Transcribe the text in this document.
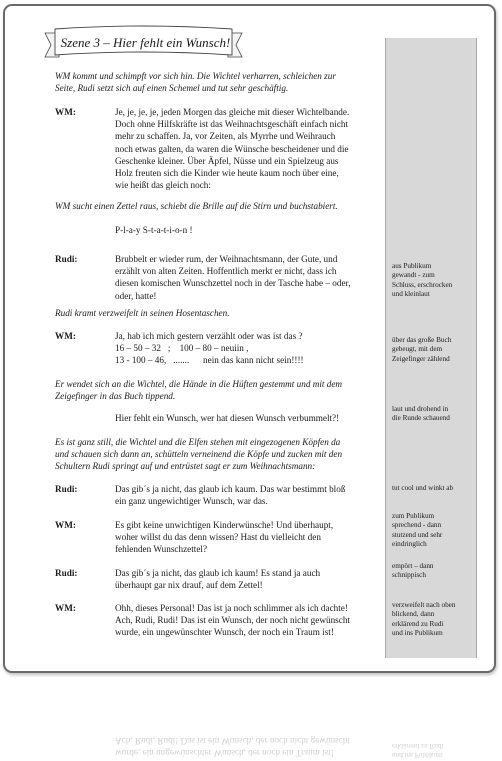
Szene 3 – Hier fehlt ein Wunsch!
WM kommt und schimpft vor sich hin. Die Wichtel verharren, schleichen zur
Seite, Rudi setzt sich auf einen Schemel und tut sehr geschäftig.
WM:	Je, je, je, je, jeden Morgen das gleiche mit dieser Wichtelbande.
Doch ohne Hilfskräfte ist das Weihnachtsgeschäft einfach nicht
mehr zu schaffen. Ja, vor Zeiten, als Myrrhe und Weihrauch
noch etwas galten, da waren die Wünsche bescheidener und die
Geschenke kleiner. Über Äpfel, Nüsse und ein Spielzeug aus
Holz freuten sich die Kinder wie heute kaum noch über eine,
wie heißt das gleich noch:
WM sucht einen Zettel raus, schiebt die Brille auf die Stirn und buchstabiert.
P-l-a-y S-t-a-t-i-o-n !
Rudi:	Brubbelt er wieder rum, der Weihnachtsmann, der Gute, und
erzählt von alten Zeiten. Hoffentlich merkt er nicht, dass ich
diesen komischen Wunschzettel noch in der Tasche habe – oder,
oder, hatte!
Rudi kramt verzweifelt in seinen Hosentaschen.
WM:	Ja, hab ich mich gestern verzählt oder was ist das ?
16 – 50 – 32   ;    100 – 80 – neuiin ,
13 - 100 – 46,   .......      nein das kann nicht sein!!!!
Er wendet sich an die Wichtel, die Hände in die Hüften gestemmt und mit dem
Zeigefinger in das Buch tippend.
Hier fehlt ein Wunsch, wer hat diesen Wunsch verbummelt?!
Es ist ganz still, die Wichtel und die Elfen stehen mit eingezogenen Köpfen da
und schauen sich dann an, schütteln verneinend die Köpfe und zucken mit den
Schultern Rudi springt auf und entrüstet sagt er zum Weihnachtsmann:
Rudi:	Das gib´s ja nicht, das glaub ich kaum. Das war bestimmt bloß
ein ganz ungewichtiger Wunsch, war das.
WM:	Es gibt keine unwichtigen Kinderwünsche! Und überhaupt,
woher willst du das denn wissen? Hast du vielleicht den
fehlenden Wunschzettel?
Rudi:	Das gib´s ja nicht, das glaub ich kaum! Es stand ja auch
überhaupt gar nix drauf, auf dem Zettel!
WM:	Ohh, dieses Personal! Das ist ja noch schlimmer als ich dachte!
Ach, Rudi, Rudi! Das ist ein Wunsch, der noch nicht gewünscht
wurde, ein ungewünschter Wunsch, der noch ein Traum ist!
aus Publikum
gewandt - zum
Schluss, erschrocken
und kleinlaut
über das große Buch
gebeugt, mit dem
Zeigefinger zählend
laut und drohend in
die Runde schauend
tut cool und winkt ab
zum Publikum
sprechend - dann
stutzend und sehr
eindringlich
empört – dann
schnippisch
verzweifelt nach oben
blickend, dann
erklärend zu Rudi
und ins Publikum
wurde, ein ungewünschter Wunsch, der noch ein Traum ist!
Ach, Rudi, Rudi! Das ist ein Wunsch, der noch nicht gewünscht
und ins Publikum
erklärend zu Rudi
